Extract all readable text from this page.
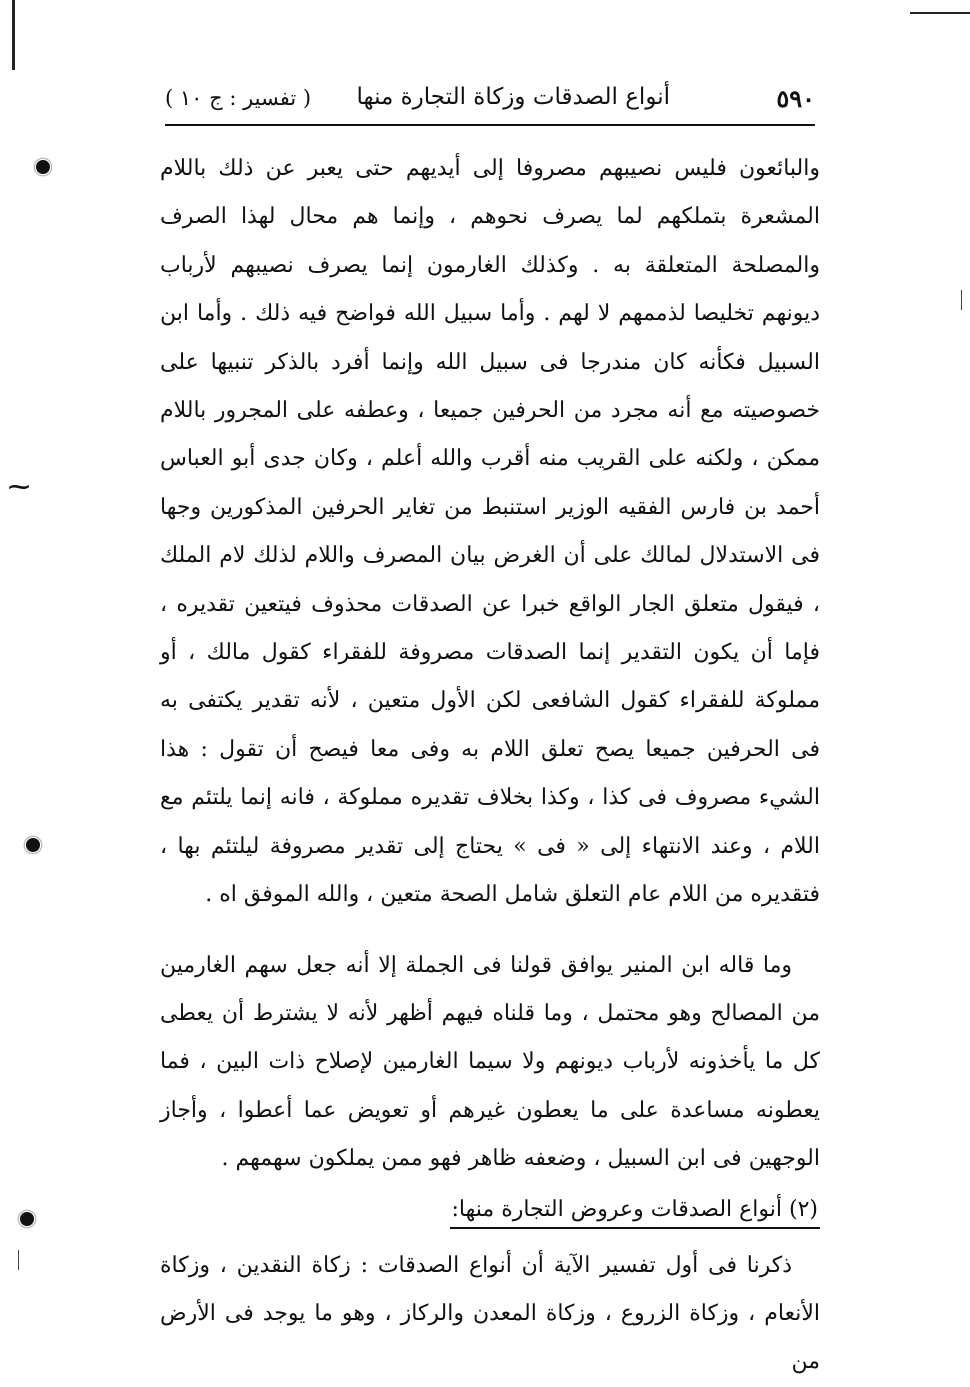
⁓
٥٩٠
أنواع الصدقات وزكاة التجارة منها
( تفسير : ج ١٠ )

والبائعون فليس نصيبهم مصروفا إلى أيديهم حتى يعبر عن ذلك باللام المشعرة بتملكهم لما يصرف نحوهم ، وإنما هم محال لهذا الصرف والمصلحة المتعلقة به . وكذلك الغارمون إنما يصرف نصيبهم لأرباب ديونهم تخليصا لذممهم لا لهم . وأما سبيل الله فواضح فيه ذلك . وأما ابن السبيل فكأنه كان مندرجا فى سبيل الله وإنما أفرد بالذكر تنبيها على خصوصيته مع أنه مجرد من الحرفين جميعا ، وعطفه على المجرور باللام ممكن ، ولكنه على القريب منه أقرب والله أعلم ، وكان جدى أبو العباس أحمد بن فارس الفقيه الوزير استنبط من تغاير الحرفين المذكورين وجها فى الاستدلال لمالك على أن الغرض بيان المصرف واللام لذلك لام الملك ، فيقول متعلق الجار الواقع خبرا عن الصدقات محذوف فيتعين تقديره ، فإما أن يكون التقدير إنما الصدقات مصروفة للفقراء كقول مالك ، أو مملوكة للفقراء كقول الشافعى لكن الأول متعين ، لأنه تقدير يكتفى به فى الحرفين جميعا يصح تعلق اللام به وفى معا فيصح أن تقول : هذا الشيء مصروف فى كذا ، وكذا بخلاف تقديره مملوكة ، فانه إنما يلتئم مع اللام ، وعند الانتهاء إلى « فى » يحتاج إلى تقدير مصروفة ليلتئم بها ، فتقديره من اللام عام التعلق شامل الصحة متعين ، والله الموفق اه .

وما قاله ابن المنير يوافق قولنا فى الجملة إلا أنه جعل سهم الغارمين من المصالح وهو محتمل ، وما قلناه فيهم أظهر لأنه لا يشترط أن يعطى كل ما يأخذونه لأرباب ديونهم ولا سيما الغارمين لإصلاح ذات البين ، فما يعطونه مساعدة على ما يعطون غيرهم أو تعويض عما أعطوا ، وأجاز الوجهين فى ابن السبيل ، وضعفه ظاهر فهو ممن يملكون سهمهم .

(٢) أنواع الصدقات وعروض التجارة منها:

ذكرنا فى أول تفسير الآية أن أنواع الصدقات : زكاة النقدين ، وزكاة الأنعام ، وزكاة الزروع ، وزكاة المعدن والركاز ، وهو ما يوجد فى الأرض من
